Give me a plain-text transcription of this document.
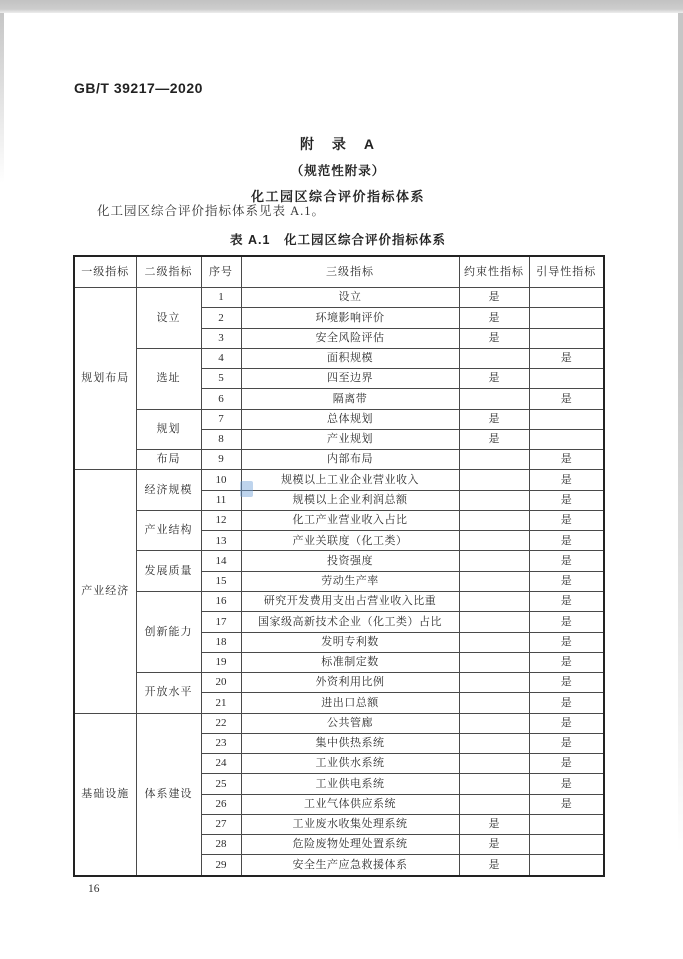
GB/T 39217—2020
附　录　A
（规范性附录）
化工园区综合评价指标体系
化工园区综合评价指标体系见表 A.1。
表 A.1　化工园区综合评价指标体系
一级指标	二级指标	序号	三级指标	约束性指标	引导性指标
规划布局	设立	1	设立	是	
		2	环境影响评价	是	
		3	安全风险评估	是	
	选址	4	面积规模		是
		5	四至边界	是	
		6	隔离带		是
	规划	7	总体规划	是	
		8	产业规划	是	
	布局	9	内部布局		是
产业经济	经济规模	10	规模以上工业企业营业收入		是
		11	规模以上企业利润总额		是
	产业结构	12	化工产业营业收入占比		是
		13	产业关联度（化工类）		是
	发展质量	14	投资强度		是
		15	劳动生产率		是
	创新能力	16	研究开发费用支出占营业收入比重		是
		17	国家级高新技术企业（化工类）占比		是
		18	发明专利数		是
		19	标准制定数		是
	开放水平	20	外资利用比例		是
		21	进出口总额		是
基础设施	体系建设	22	公共管廊		是
		23	集中供热系统		是
		24	工业供水系统		是
		25	工业供电系统		是
		26	工业气体供应系统		是
		27	工业废水收集处理系统	是	
		28	危险废物处理处置系统	是	
		29	安全生产应急救援体系	是	
16
